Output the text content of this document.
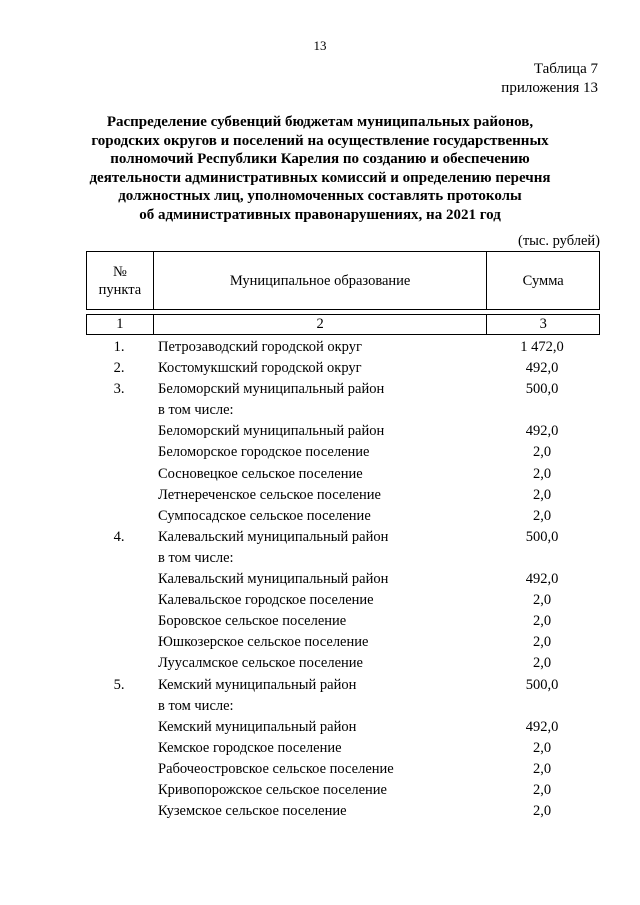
13
Таблица 7
приложения 13
Распределение субвенций бюджетам муниципальных районов,
городских округов и поселений на осуществление государственных
полномочий Республики Карелия по созданию и обеспечению
деятельности административных комиссий и определению перечня
должностных лиц, уполномоченных составлять протоколы
об административных правонарушениях, на 2021 год
(тыс. рублей)
№
пункта	Муниципальное образование	Сумма

1	2	3
1.	Петрозаводский городской округ	1 472,0
2.	Костомукшский городской округ	492,0
3.	Беломорский муниципальный район	500,0
в том числе:
Беломорский муниципальный район	492,0
Беломорское городское поселение	2,0
Сосновецкое сельское поселение	2,0
Летнереченское сельское поселение	2,0
Сумпосадское сельское поселение	2,0
4.	Калевальский муниципальный район	500,0
в том числе:
Калевальский муниципальный район	492,0
Калевальское городское поселение	2,0
Боровское сельское поселение	2,0
Юшкозерское сельское поселение	2,0
Луусалмское сельское поселение	2,0
5.	Кемский муниципальный район	500,0
в том числе:
Кемский муниципальный район	492,0
Кемское городское поселение	2,0
Рабочеостровское сельское поселение	2,0
Кривопорожское сельское поселение	2,0
Куземское сельское поселение	2,0
